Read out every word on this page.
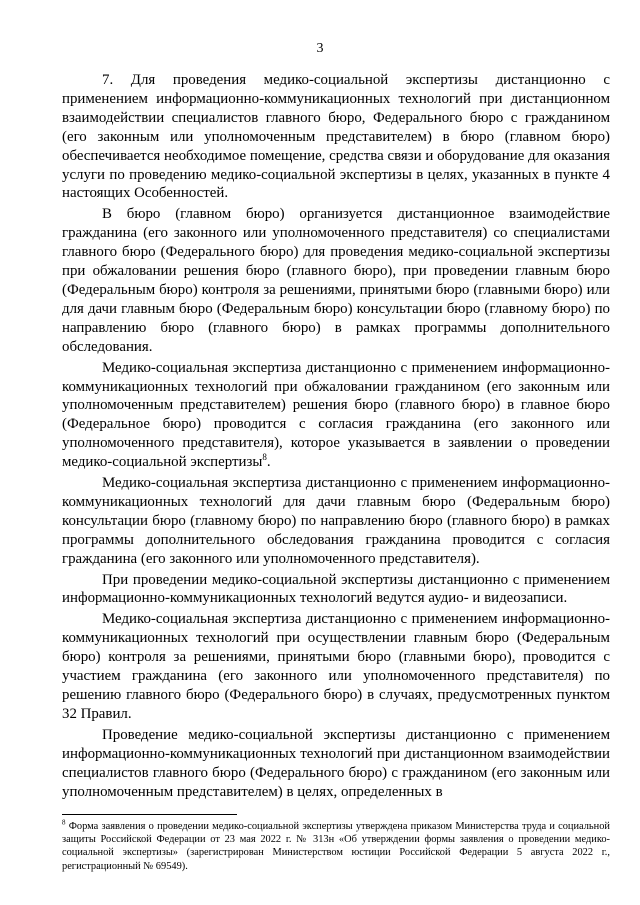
3

7. Для проведения медико-социальной экспертизы дистанционно с применением информационно-коммуникационных технологий при дистанционном взаимодействии специалистов главного бюро, Федерального бюро с гражданином (его законным или уполномоченным представителем) в бюро (главном бюро) обеспечивается необходимое помещение, средства связи и оборудование для оказания услуги по проведению медико-социальной экспертизы в целях, указанных в пункте 4 настоящих Особенностей.

В бюро (главном бюро) организуется дистанционное взаимодействие гражданина (его законного или уполномоченного представителя) со специалистами главного бюро (Федерального бюро) для проведения медико-социальной экспертизы при обжаловании решения бюро (главного бюро), при проведении главным бюро (Федеральным бюро) контроля за решениями, принятыми бюро (главными бюро) или для дачи главным бюро (Федеральным бюро) консультации бюро (главному бюро) по направлению бюро (главного бюро) в рамках программы дополнительного обследования.

Медико-социальная экспертиза дистанционно с применением информационно-коммуникационных технологий при обжаловании гражданином (его законным или уполномоченным представителем) решения бюро (главного бюро) в главное бюро (Федеральное бюро) проводится с согласия гражданина (его законного или уполномоченного представителя), которое указывается в заявлении о проведении медико-социальной экспертизы$^8$.

Медико-социальная экспертиза дистанционно с применением информационно-коммуникационных технологий для дачи главным бюро (Федеральным бюро) консультации бюро (главному бюро) по направлению бюро (главного бюро) в рамках программы дополнительного обследования гражданина проводится с согласия гражданина (его законного или уполномоченного представителя).

При проведении медико-социальной экспертизы дистанционно с применением информационно-коммуникационных технологий ведутся аудио- и видеозаписи.

Медико-социальная экспертиза дистанционно с применением информационно-коммуникационных технологий при осуществлении главным бюро (Федеральным бюро) контроля за решениями, принятыми бюро (главными бюро), проводится с участием гражданина (его законного или уполномоченного представителя) по решению главного бюро (Федерального бюро) в случаях, предусмотренных пунктом 32 Правил.

Проведение медико-социальной экспертизы дистанционно с применением информационно-коммуникационных технологий при дистанционном взаимодействии специалистов главного бюро (Федерального бюро) с гражданином (его законным или уполномоченным представителем) в целях, определенных в

$^8$ Форма заявления о проведении медико-социальной экспертизы утверждена приказом Министерства труда и социальной защиты Российской Федерации от 23 мая 2022 г. № 313н «Об утверждении формы заявления о проведении медико-социальной экспертизы» (зарегистрирован Министерством юстиции Российской Федерации 5 августа 2022 г., регистрационный № 69549).
